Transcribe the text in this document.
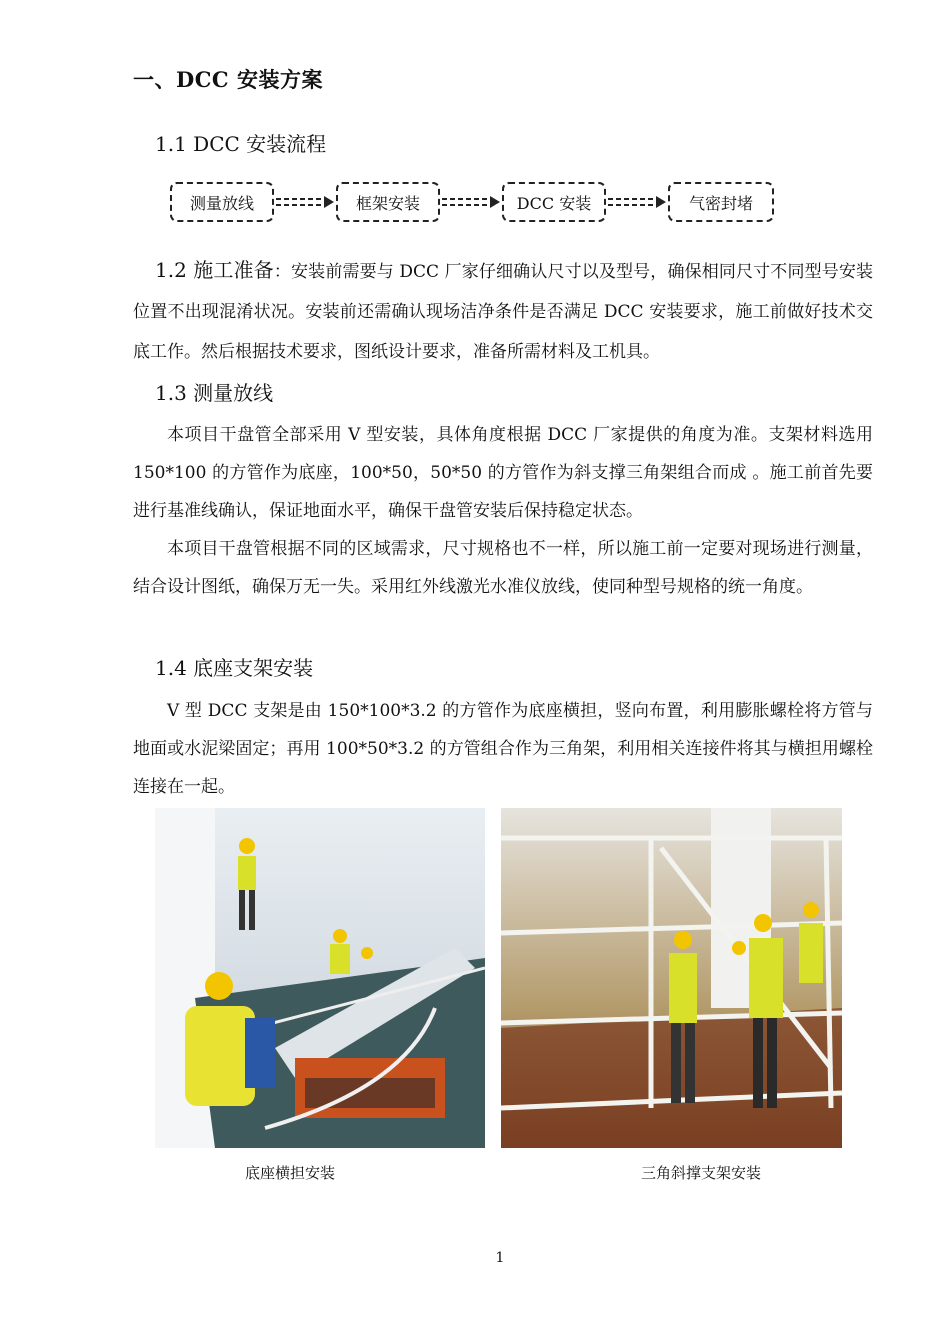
一、DCC 安装方案
1.1 DCC 安装流程
测量放线	框架安装	DCC 安装	气密封堵
1.2 施工准备：安装前需要与 DCC 厂家仔细确认尺寸以及型号，确保相同尺寸不同型号安装位置不出现混淆状况。安装前还需确认现场洁净条件是否满足 DCC 安装要求，施工前做好技术交底工作。然后根据技术要求，图纸设计要求，准备所需材料及工机具。
1.3 测量放线
本项目干盘管全部采用 V 型安装，具体角度根据 DCC 厂家提供的角度为准。支架材料选用 150*100 的方管作为底座，100*50，50*50 的方管作为斜支撑三角架组合而成 。施工前首先要进行基准线确认，保证地面水平，确保干盘管安装后保持稳定状态。
本项目干盘管根据不同的区域需求，尺寸规格也不一样，所以施工前一定要对现场进行测量，结合设计图纸，确保万无一失。采用红外线激光水准仪放线，使同种型号规格的统一角度。
1.4 底座支架安装
V 型 DCC 支架是由 150*100*3.2 的方管作为底座横担，竖向布置，利用膨胀螺栓将方管与地面或水泥梁固定；再用 100*50*3.2 的方管组合作为三角架，利用相关连接件将其与横担用螺栓连接在一起。
底座横担安装	三角斜撑支架安装
1
